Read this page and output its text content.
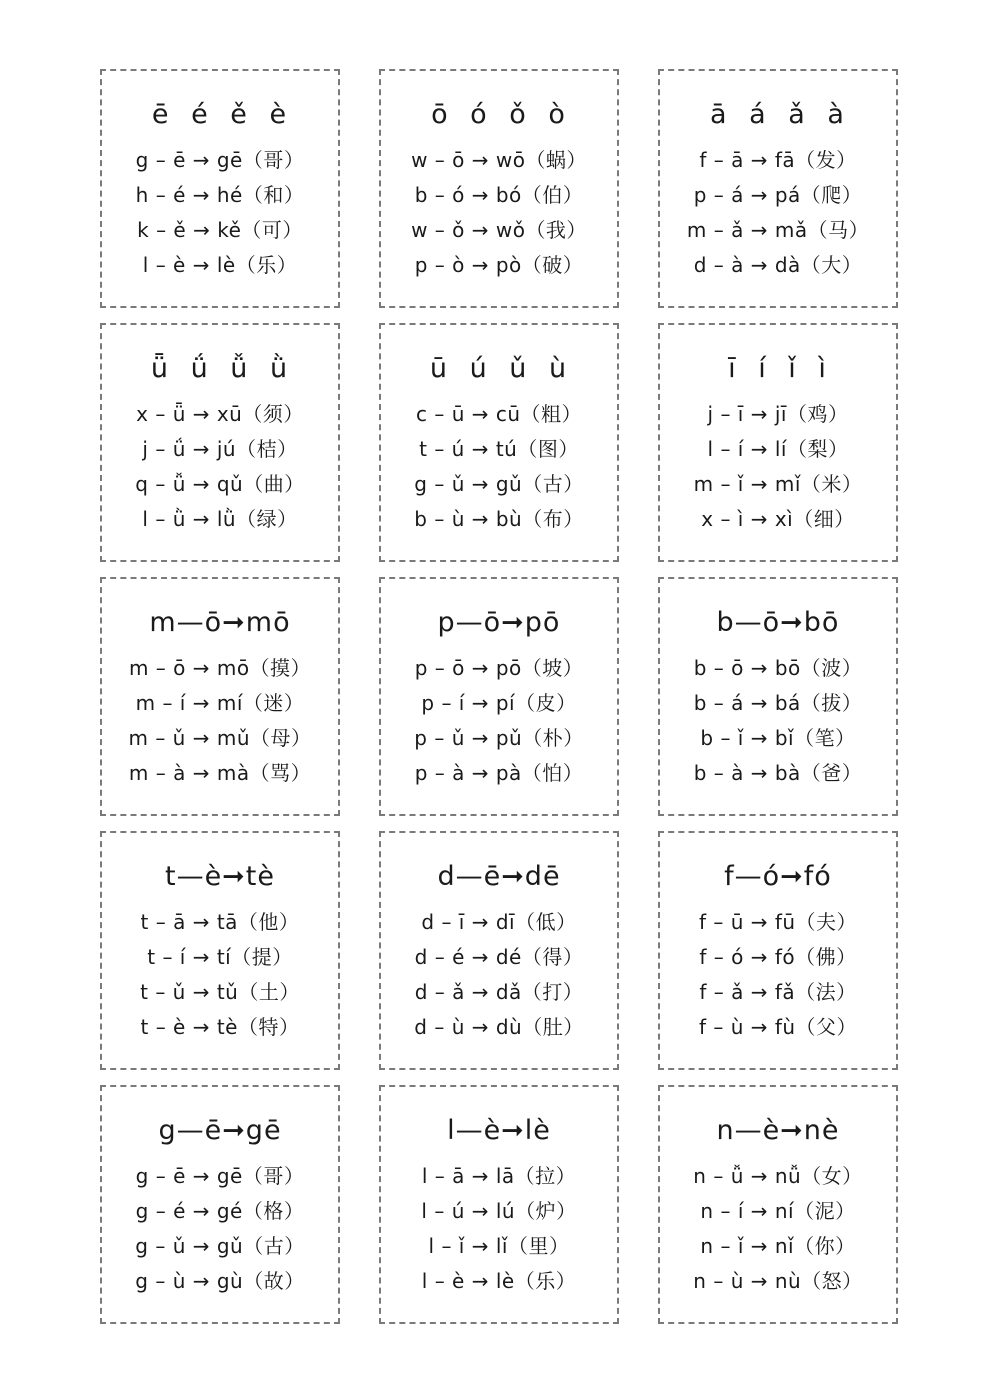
ē é ě è
g – ē → gē（哥）
h – é → hé（和）
k – ě → kě（可）
l – è → lè（乐）
ō ó ǒ ò
w – ō → wō（蜗）
b – ó → bó（伯）
w – ǒ → wǒ（我）
p – ò → pò（破）
ā á ǎ à
f – ā → fā（发）
p – á → pá（爬）
m – ǎ → mǎ（马）
d – à → dà（大）
ǖ ǘ ǚ ǜ
x – ǖ → xū（须）
j – ǘ → jú（桔）
q – ǚ → qǔ（曲）
l – ǜ → lǜ（绿）
ū ú ǔ ù
c – ū → cū（粗）
t – ú → tú（图）
g – ǔ → gǔ（古）
b – ù → bù（布）
ī í ǐ ì
j – ī → jī（鸡）
l – í → lí（梨）
m – ǐ → mǐ（米）
x – ì → xì（细）
m—ō➞mō
m – ō → mō（摸）
m – í → mí（迷）
m – ǔ → mǔ（母）
m – à → mà（骂）
p—ō➞pō
p – ō → pō（坡）
p – í → pí（皮）
p – ǔ → pǔ（朴）
p – à → pà（怕）
b—ō➞bō
b – ō → bō（波）
b – á → bá（拔）
b – ǐ → bǐ（笔）
b – à → bà（爸）
t—è➞tè
t – ā → tā（他）
t – í → tí（提）
t – ǔ → tǔ（土）
t – è → tè（特）
d—ē➞dē
d – ī → dī（低）
d – é → dé（得）
d – ǎ → dǎ（打）
d – ù → dù（肚）
f—ó➞fó
f – ū → fū（夫）
f – ó → fó（佛）
f – ǎ → fǎ（法）
f – ù → fù（父）
g—ē➞gē
g – ē → gē（哥）
g – é → gé（格）
g – ǔ → gǔ（古）
g – ù → gù（故）
l—è➞lè
l – ā → lā（拉）
l – ú → lú（炉）
l – ǐ → lǐ（里）
l – è → lè（乐）
n—è➞nè
n – ǚ → nǚ（女）
n – í → ní（泥）
n – ǐ → nǐ（你）
n – ù → nù（怒）
